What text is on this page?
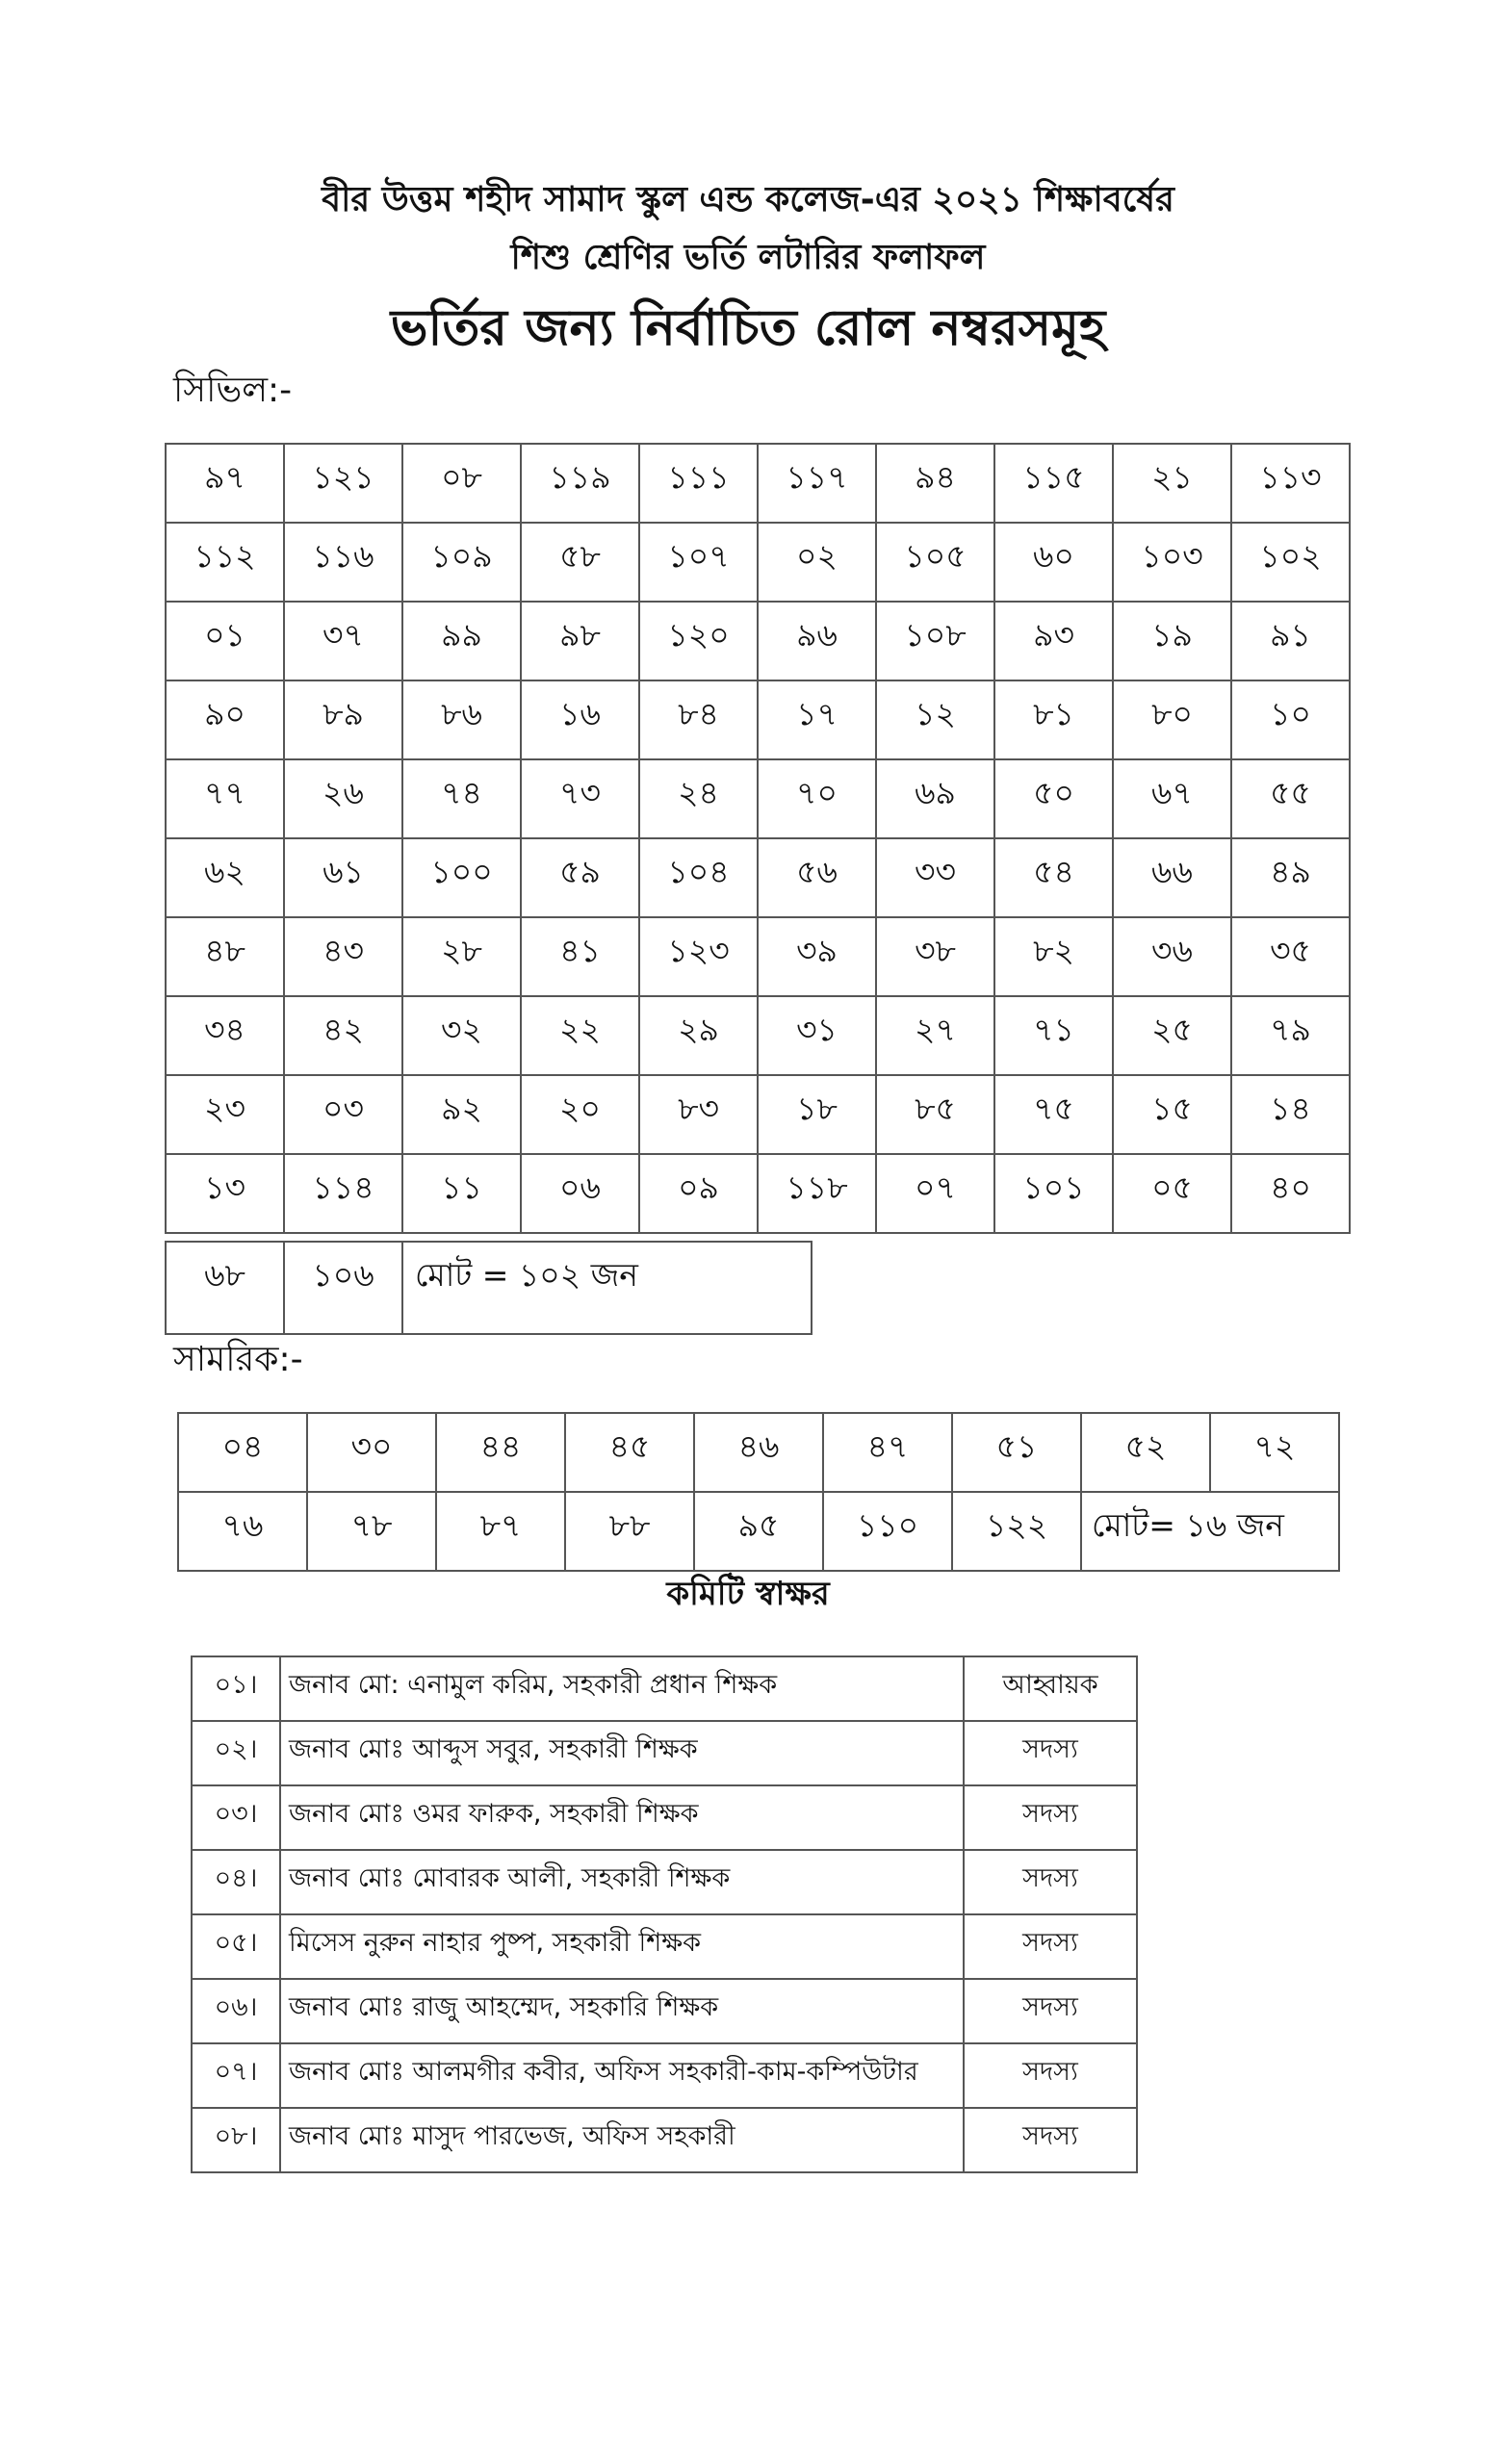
বীর উত্তম শহীদ সামাদ স্কুল এন্ড কলেজ-এর ২০২১ শিক্ষাবর্ষের
শিশু শ্রেণির ভর্তি লটারির ফলাফল
ভর্তির জন্য নির্বাচিত রোল নম্বরসমূহ
সিভিল:-
৯৭	১২১	০৮	১১৯	১১১	১১৭	৯৪	১১৫	২১	১১৩
১১২	১১৬	১০৯	৫৮	১০৭	০২	১০৫	৬০	১০৩	১০২
০১	৩৭	৯৯	৯৮	১২০	৯৬	১০৮	৯৩	১৯	৯১
৯০	৮৯	৮৬	১৬	৮৪	১৭	১২	৮১	৮০	১০
৭৭	২৬	৭৪	৭৩	২৪	৭০	৬৯	৫০	৬৭	৫৫
৬২	৬১	১০০	৫৯	১০৪	৫৬	৩৩	৫৪	৬৬	৪৯
৪৮	৪৩	২৮	৪১	১২৩	৩৯	৩৮	৮২	৩৬	৩৫
৩৪	৪২	৩২	২২	২৯	৩১	২৭	৭১	২৫	৭৯
২৩	০৩	৯২	২০	৮৩	১৮	৮৫	৭৫	১৫	১৪
১৩	১১৪	১১	০৬	০৯	১১৮	০৭	১০১	০৫	৪০
৬৮	১০৬	মোট = ১০২ জন
সামরিক:-
০৪	৩০	৪৪	৪৫	৪৬	৪৭	৫১	৫২	৭২
৭৬	৭৮	৮৭	৮৮	৯৫	১১০	১২২	মোট= ১৬ জন	
কমিটি স্বাক্ষর
০১।	জনাব মো: এনামুল করিম, সহকারী প্রধান শিক্ষক	আহ্বায়ক
০২।	জনাব মোঃ আব্দুস সবুর, সহকারী শিক্ষক	সদস্য
০৩।	জনাব মোঃ ওমর ফারুক, সহকারী শিক্ষক	সদস্য
০৪।	জনাব মোঃ মোবারক আলী, সহকারী শিক্ষক	সদস্য
০৫।	মিসেস নুরুন নাহার পুষ্প, সহকারী শিক্ষক	সদস্য
০৬।	জনাব মোঃ রাজু আহম্মেদ, সহকারি শিক্ষক	সদস্য
০৭।	জনাব মোঃ আলমগীর কবীর, অফিস সহকারী-কাম-কম্পিউটার	সদস্য
০৮।	জনাব মোঃ মাসুদ পারভেজ, অফিস সহকারী	সদস্য
